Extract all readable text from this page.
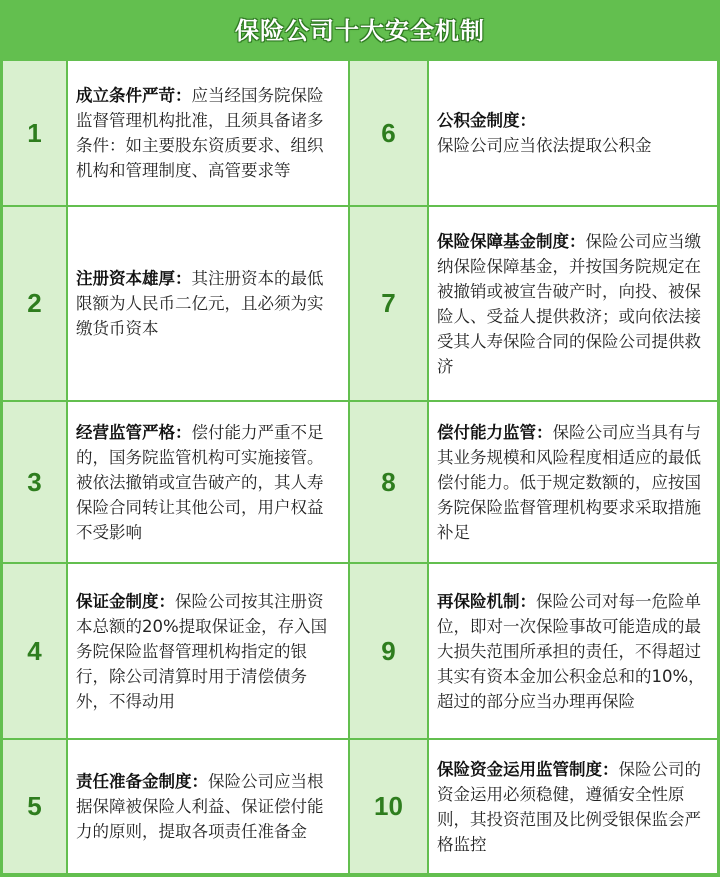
保险公司十大安全机制
1

成立条件严苛：应当经国务院保险监督管理机构批准，且须具备诸多条件：如主要股东资质要求、组织机构和管理制度、高管要求等

6	公积金制度：
保险公司应当依法提取公积金

2

注册资本雄厚：其注册资本的最低限额为人民币二亿元，且必须为实缴货币资本

7

保险保障基金制度：保险公司应当缴纳保险保障基金，并按国务院规定在被撤销或被宣告破产时，向投、被保险人、受益人提供救济；或向依法接受其人寿保险合同的保险公司提供救济

3

经营监管严格：偿付能力严重不足的，国务院监管机构可实施接管。被依法撤销或宣告破产的，其人寿保险合同转让其他公司，用户权益不受影响

8

偿付能力监管：保险公司应当具有与其业务规模和风险程度相适应的最低偿付能力。低于规定数额的，应按国务院保险监督管理机构要求采取措施补足

4

保证金制度：保险公司按其注册资本总额的20%提取保证金，存入国务院保险监督管理机构指定的银行，除公司清算时用于清偿债务外，不得动用

9

再保险机制：保险公司对每一危险单位，即对一次保险事故可能造成的最大损失范围所承担的责任，不得超过其实有资本金加公积金总和的10%，超过的部分应当办理再保险

5

责任准备金制度：保险公司应当根据保障被保险人利益、保证偿付能力的原则，提取各项责任准备金

10

保险资金运用监管制度：保险公司的资金运用必须稳健，遵循安全性原则，其投资范围及比例受银保监会严格监控
